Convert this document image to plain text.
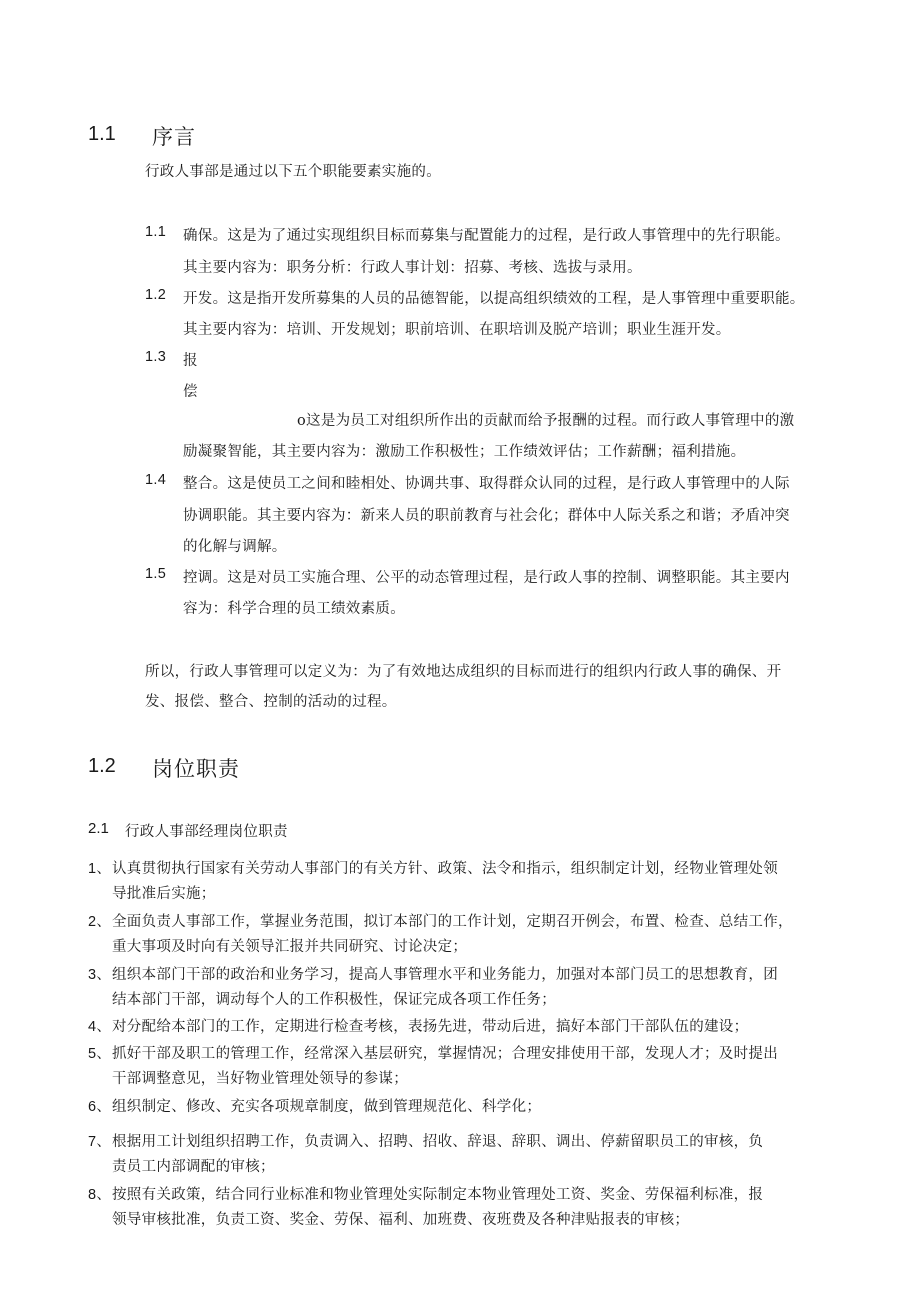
1.1 序言
行政人事部是通过以下五个职能要素实施的。
1.1 确保。这是为了通过实现组织目标而募集与配置能力的过程，是行政人事管理中的先行职能。
其主要内容为：职务分析：行政人事计划：招募、考核、选拔与录用。
1.2 开发。这是指开发所募集的人员的品德智能，以提高组织绩效的工程，是人事管理中重要职能。
其主要内容为：培训、开发规划；职前培训、在职培训及脱产培训；职业生涯开发。
1.3 报
偿
o这是为员工对组织所作出的贡献而给予报酬的过程。而行政人事管理中的激
励凝聚智能，其主要内容为：激励工作积极性；工作绩效评估；工作薪酬；福利措施。
1.4 整合。这是使员工之间和睦相处、协调共事、取得群众认同的过程，是行政人事管理中的人际
协调职能。其主要内容为：新来人员的职前教育与社会化；群体中人际关系之和谐；矛盾冲突
的化解与调解。
1.5 控调。这是对员工实施合理、公平的动态管理过程，是行政人事的控制、调整职能。其主要内
容为：科学合理的员工绩效素质。
所以，行政人事管理可以定义为：为了有效地达成组织的目标而进行的组织内行政人事的确保、开
发、报偿、整合、控制的活动的过程。
1.2 岗位职责
2.1 行政人事部经理岗位职责
1、 认真贯彻执行国家有关劳动人事部门的有关方针、政策、法令和指示，组织制定计划，经物业管理处领
导批准后实施；
2、 全面负责人事部工作，掌握业务范围，拟订本部门的工作计划，定期召开例会，布置、检查、总结工作，
重大事项及时向有关领导汇报并共同研究、讨论决定；
3、 组织本部门干部的政治和业务学习，提高人事管理水平和业务能力，加强对本部门员工的思想教育，团
结本部门干部，调动每个人的工作积极性，保证完成各项工作任务；
4、 对分配给本部门的工作，定期进行检查考核，表扬先进，带动后进，搞好本部门干部队伍的建设；
5、 抓好干部及职工的管理工作，经常深入基层研究，掌握情况；合理安排使用干部，发现人才；及时提出
干部调整意见，当好物业管理处领导的参谋；
6、 组织制定、修改、充实各项规章制度，做到管理规范化、科学化；
7、 根据用工计划组织招聘工作，负责调入、招聘、招收、辞退、辞职、调出、停薪留职员工的审核，负
责员工内部调配的审核；
8、 按照有关政策，结合同行业标准和物业管理处实际制定本物业管理处工资、奖金、劳保福利标准，报
领导审核批准，负责工资、奖金、劳保、福利、加班费、夜班费及各种津贴报表的审核；
